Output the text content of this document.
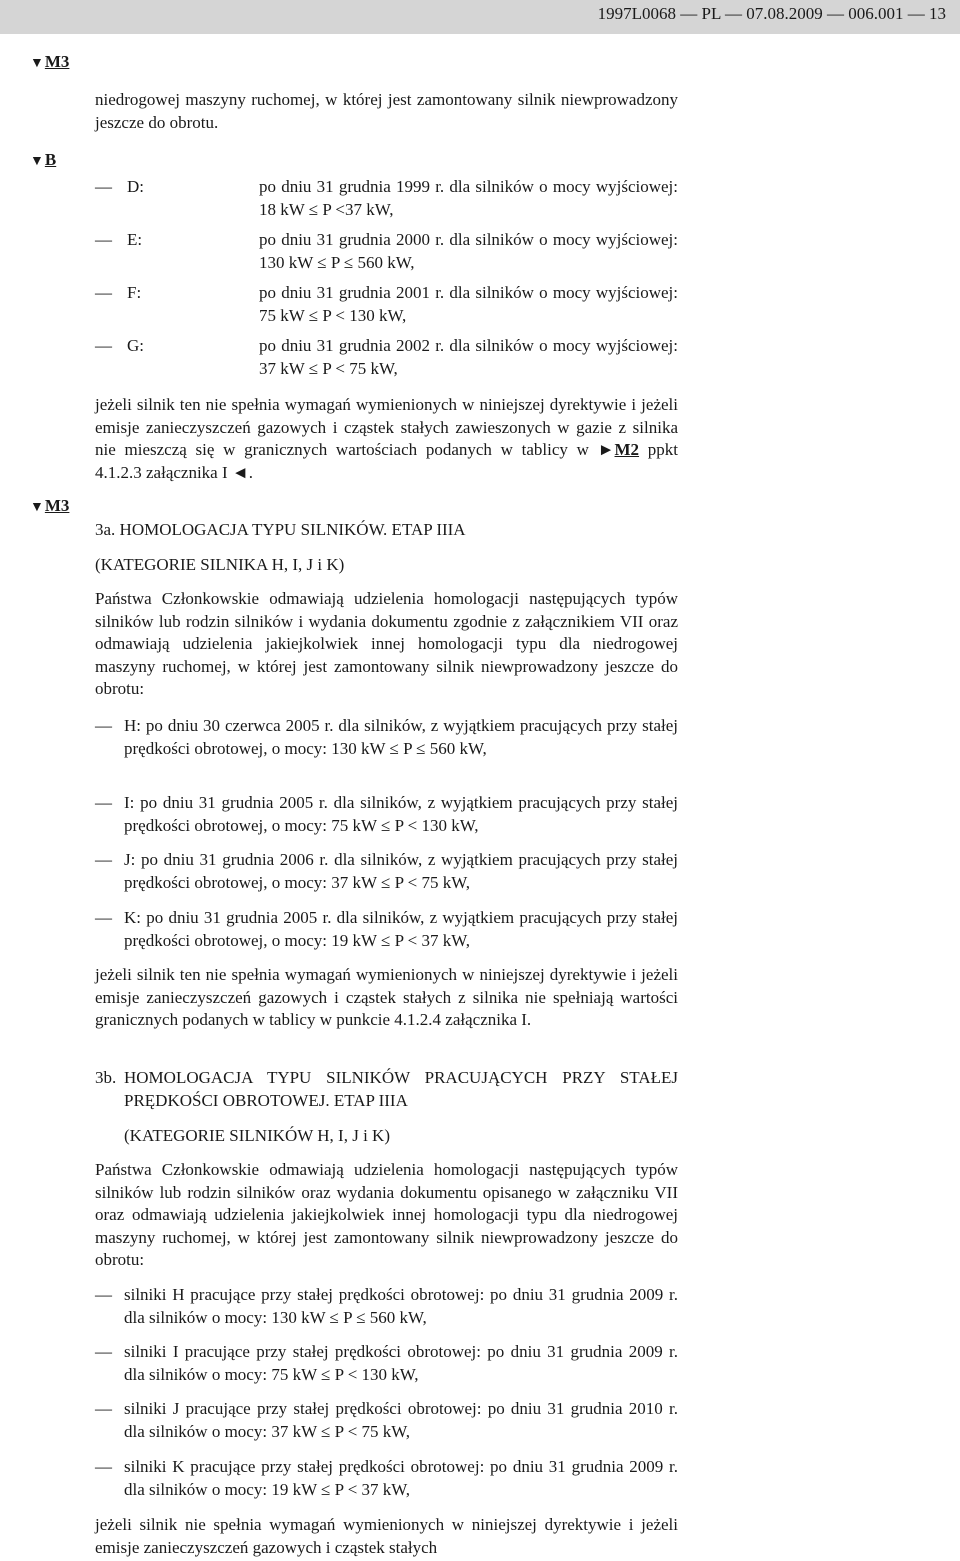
1997L0068 — PL — 07.08.2009 — 006.001 — 13
▼M3
▼B
▼M3
niedrogowej maszyny ruchomej, w której jest zamontowany silnik niewprowadzony jeszcze do obrotu.
— D:	po dniu 31 grudnia 1999 r. dla silników o mocy wyjściowej: 18 kW ≤ P <37 kW,
— E:	po dniu 31 grudnia 2000 r. dla silników o mocy wyjściowej: 130 kW ≤ P ≤ 560 kW,
— F:	po dniu 31 grudnia 2001 r. dla silników o mocy wyjściowej: 75 kW ≤ P < 130 kW,
— G:	po dniu 31 grudnia 2002 r. dla silników o mocy wyjściowej: 37 kW ≤ P < 75 kW,
jeżeli silnik ten nie spełnia wymagań wymienionych w niniejszej dyrektywie i jeżeli emisje zanieczyszczeń gazowych i cząstek stałych zawieszonych w gazie z silnika nie mieszczą się w granicznych wartościach podanych w tablicy w ►M2 ppkt 4.1.2.3 załącznika I ◄.
3a. HOMOLOGACJA TYPU SILNIKÓW. ETAP IIIA
(KATEGORIE SILNIKA H, I, J i K)
Państwa Członkowskie odmawiają udzielenia homologacji następujących typów silników lub rodzin silników i wydania dokumentu zgodnie z załącznikiem VII oraz odmawiają udzielenia jakiejkolwiek innej homologacji typu dla niedrogowej maszyny ruchomej, w której jest zamontowany silnik niewprowadzony jeszcze do obrotu:
— H: po dniu 30 czerwca 2005 r. dla silników, z wyjątkiem pracujących przy stałej prędkości obrotowej, o mocy: 130 kW ≤ P ≤ 560 kW,
— I: po dniu 31 grudnia 2005 r. dla silników, z wyjątkiem pracujących przy stałej prędkości obrotowej, o mocy: 75 kW ≤ P < 130 kW,
— J: po dniu 31 grudnia 2006 r. dla silników, z wyjątkiem pracujących przy stałej prędkości obrotowej, o mocy: 37 kW ≤ P < 75 kW,
— K: po dniu 31 grudnia 2005 r. dla silników, z wyjątkiem pracujących przy stałej prędkości obrotowej, o mocy: 19 kW ≤ P < 37 kW,
jeżeli silnik ten nie spełnia wymagań wymienionych w niniejszej dyrektywie i jeżeli emisje zanieczyszczeń gazowych i cząstek stałych z silnika nie spełniają wartości granicznych podanych w tablicy w punkcie 4.1.2.4 załącznika I.
3b. HOMOLOGACJA TYPU SILNIKÓW PRACUJĄCYCH PRZY STAŁEJ PRĘDKOŚCI OBROTOWEJ. ETAP IIIA
(KATEGORIE SILNIKÓW H, I, J i K)
Państwa Członkowskie odmawiają udzielenia homologacji następujących typów silników lub rodzin silników oraz wydania dokumentu opisanego w załączniku VII oraz odmawiają udzielenia jakiejkolwiek innej homologacji typu dla niedrogowej maszyny ruchomej, w której jest zamontowany silnik niewprowadzony jeszcze do obrotu:
— silniki H pracujące przy stałej prędkości obrotowej: po dniu 31 grudnia 2009 r. dla silników o mocy: 130 kW ≤ P ≤ 560 kW,
— silniki I pracujące przy stałej prędkości obrotowej: po dniu 31 grudnia 2009 r. dla silników o mocy: 75 kW ≤ P < 130 kW,
— silniki J pracujące przy stałej prędkości obrotowej: po dniu 31 grudnia 2010 r. dla silników o mocy: 37 kW ≤ P < 75 kW,
— silniki K pracujące przy stałej prędkości obrotowej: po dniu 31 grudnia 2009 r. dla silników o mocy: 19 kW ≤ P < 37 kW,
jeżeli silnik nie spełnia wymagań wymienionych w niniejszej dyrektywie i jeżeli emisje zanieczyszczeń gazowych i cząstek stałych
